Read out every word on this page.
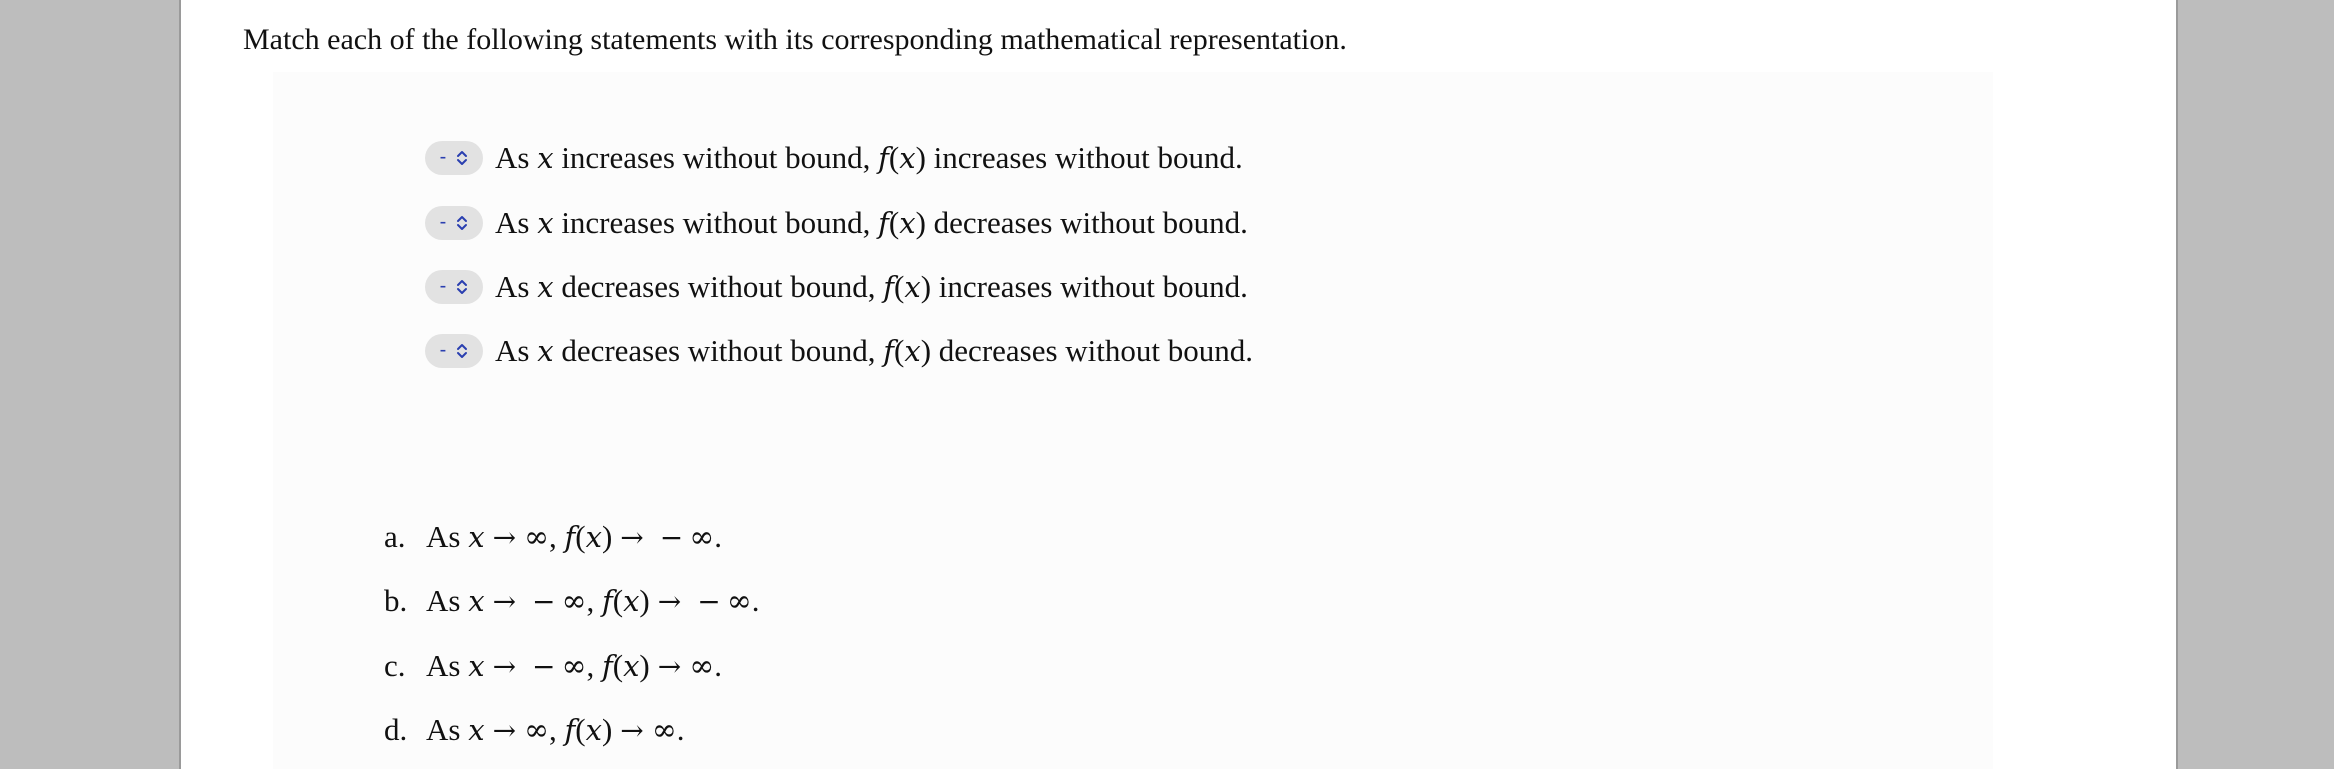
Match each of the following statements with its corresponding mathematical representation.
- As x increases without bound, f(x) increases without bound.
- As x increases without bound, f(x) decreases without bound.
- As x decreases without bound, f(x) increases without bound.
- As x decreases without bound, f(x) decreases without bound.
a. As
x → ∞ ,
f ( x ) → − ∞ .
b. As
x → − ∞ ,
f ( x ) → − ∞ .
c. As
x → − ∞ ,
f ( x ) → ∞ .
d. As
x → ∞ ,
f ( x ) → ∞ .
